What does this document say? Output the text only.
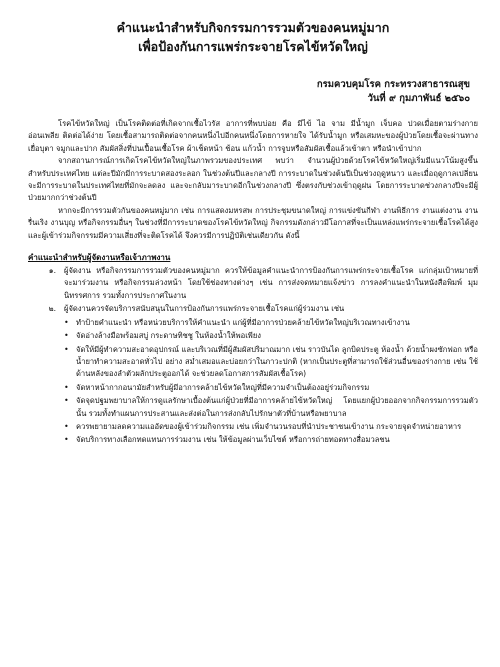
คำแนะนำสำหรับกิจกรรมการรวมตัวของคนหมู่มาก
เพื่อป้องกันการแพร่กระจายโรคไข้หวัดใหญ่
กรมควบคุมโรค กระทรวงสาธารณสุข
วันที่ ๙ กุมภาพันธ์ ๒๕๖๐

โรคไข้หวัดใหญ่ เป็นโรคติดต่อที่เกิดจากเชื้อไวรัส อาการที่พบบ่อย คือ มีไข้ ไอ จาม มีน้ำมูก เจ็บคอ ปวดเมื่อยตามร่างกาย อ่อนเพลีย ติดต่อได้ง่าย โดยเชื้อสามารถติดต่อจากคนหนึ่งไปอีกคนหนึ่งโดยการหายใจ ได้รับน้ำมูก หรือเสมหะของผู้ป่วยโดยเชื้อจะผ่านทางเยื่อบุตา จมูกและปาก สัมผัสสิ่งที่ปนเปื้อนเชื้อโรค ผ้าเช็ดหน้า ช้อน แก้วน้ำ การจูบหรือสัมผัสเชื้อแล้วเข้าตา หรือนำเข้าปาก

จากสถานการณ์การเกิดโรคไข้หวัดใหญ่ในภาพรวมของประเทศ พบว่า จำนวนผู้ป่วยด้วยโรคไข้หวัดใหญ่เริ่มมีแนวโน้มสูงขึ้น สำหรับประเทศไทย แต่ละปีมักมีการระบาดสองระลอก ในช่วงต้นปีและกลางปี การระบาดในช่วงต้นปีเป็นช่วงฤดูหนาว และเมื่อฤดูกาลเปลี่ยนจะมีการระบาดในประเทศไทยที่มักจะลดลง และจะกลับมาระบาดอีกในช่วงกลางปี ซึ่งตรงกับช่วงเข้าฤดูฝน โดยการระบาดช่วงกลางปีจะมีผู้ป่วยมากกว่าช่วงต้นปี

หากจะมีการรวมตัวกันของคนหมู่มาก เช่น การแสดงมหรสพ การประชุมขนาดใหญ่ การแข่งขันกีฬา งานพิธีการ งานแต่งงาน งานรื่นเริง งานบุญ หรือกิจกรรมอื่นๆ ในช่วงที่มีการระบาดของโรคไข้หวัดใหญ่ กิจกรรมดังกล่าวมีโอกาสที่จะเป็นแหล่งแพร่กระจายเชื้อโรคได้สูง และผู้เข้าร่วมกิจกรรมมีความเสี่ยงที่จะติดโรคได้ จึงควรมีการปฏิบัติเช่นเดียวกัน ดังนี้

คำแนะนำสำหรับผู้จัดงานหรือเจ้าภาพงาน
๑.	ผู้จัดงาน หรือกิจกรรมการรวมตัวของคนหมู่มาก ควรให้ข้อมูลคำแนะนำการป้องกันการแพร่กระจายเชื้อโรค แก่กลุ่มเป้าหมายที่จะมาร่วมงาน หรือกิจกรรมล่วงหน้า โดยใช้ช่องทางต่างๆ เช่น การส่งจดหมายแจ้งข่าว การลงคำแนะนำในหนังสือพิมพ์ มุมนิทรรศการ รวมทั้งการประกาศในงาน
๒.	ผู้จัดงานควรจัดบริการสนับสนุนในการป้องกันการแพร่กระจายเชื้อโรคแก่ผู้ร่วมงาน เช่น
• ทำป้ายคำแนะนำ หรือหน่วยบริการให้คำแนะนำ แก่ผู้ที่มีอาการป่วยคล้ายไข้หวัดใหญ่บริเวณทางเข้างาน
• จัดอ่างล้างมือพร้อมสบู่ กระดาษทิชชู ในห้องน้ำให้พอเพียง
• จัดให้มีผู้ทำความสะอาดอุปกรณ์ และบริเวณที่มีผู้สัมผัสปริมาณมาก เช่น ราวบันได ลูกบิดประตู ห้องน้ำ ด้วยน้ำผงซักฟอก หรือน้ำยาทำความสะอาดทั่วไป อย่าง สม่ำเสมอและบ่อยกว่าในภาวะปกติ (หากเป็นประตูที่สามารถใช้ส่วนอื่นของร่างกาย เช่น ใช้ด้านหลังของลำตัวผลักประตูออกได้ จะช่วยลดโอกาสการสัมผัสเชื้อโรค)
• จัดหาหน้ากากอนามัยสำหรับผู้มีอาการคล้ายไข้หวัดใหญ่ที่มีความจำเป็นต้องอยู่ร่วมกิจกรรม
• จัดจุดปฐมพยาบาลให้การดูแลรักษาเบื้องต้นแก่ผู้ป่วยที่มีอาการคล้ายไข้หวัดใหญ่ โดยแยกผู้ป่วยออกจากกิจกรรมการรวมตัวนั้น รวมทั้งทำแผนการประสานและส่งต่อในการส่งกลับไปรักษาตัวที่บ้านหรือพยาบาล
• ควรพยายามลดความแออัดของผู้เข้าร่วมกิจกรรม เช่น เพิ่มจำนวนรอบที่นำประชาชนเข้างาน กระจายจุดจำหน่ายอาหาร
• จัดบริการทางเลือกทดแทนการร่วมงาน เช่น ให้ข้อมูลผ่านเว็บไซต์ หรือการถ่ายทอดทางสื่อมวลชน
